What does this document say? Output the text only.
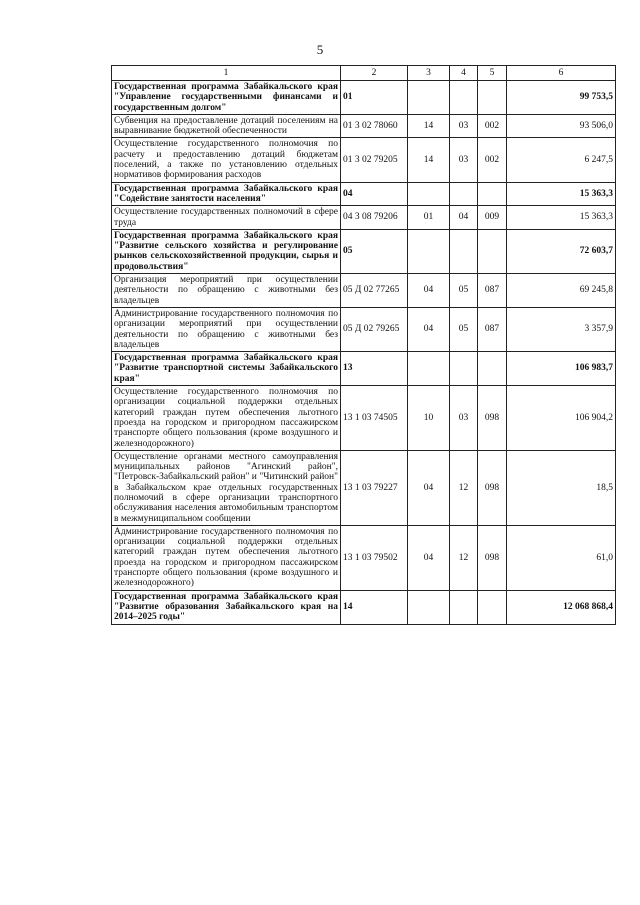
5
1	2	3	4	5	6
Государственная программа Забайкальского края "Управление государственными финансами и государственным долгом"	01				99 753,5
Субвенция на предоставление дотаций поселениям на выравнивание бюджетной обеспеченности	01 3 02 78060	14	03	002	93 506,0
Осуществление государственного полномочия по расчету и предоставлению дотаций бюджетам поселений, а также по установлению отдельных нормативов формирования расходов	01 3 02 79205	14	03	002	6 247,5
Государственная программа Забайкальского края "Содействие занятости населения"	04				15 363,3
Осуществление государственных полномочий в сфере труда	04 3 08 79206	01	04	009	15 363,3
Государственная программа Забайкальского края "Развитие сельского хозяйства и регулирование рынков сельскохозяйственной продукции, сырья и продовольствия"	05				72 603,7
Организация мероприятий при осуществлении деятельности по обращению с животными без владельцев	05 Д 02 77265	04	05	087	69 245,8
Администрирование государственного полномочия по организации мероприятий при осуществлении деятельности по обращению с животными без владельцев	05 Д 02 79265	04	05	087	3 357,9
Государственная программа Забайкальского края "Развитие транспортной системы Забайкальского края"	13				106 983,7
Осуществление государственного полномочия по организации социальной поддержки отдельных категорий граждан путем обеспечения льготного проезда на городском и пригородном пассажирском транспорте общего пользования (кроме воздушного и железнодорожного)	13 1 03 74505	10	03	098	106 904,2
Осуществление органами местного самоуправления муниципальных районов "Агинский район", "Петровск-Забайкальский район" и "Читинский район" в Забайкальском крае отдельных государственных полномочий в сфере организации транспортного обслуживания населения автомобильным транспортом в межмуниципальном сообщении	13 1 03 79227	04	12	098	18,5
Администрирование государственного полномочия по организации социальной поддержки отдельных категорий граждан путем обеспечения льготного проезда на городском и пригородном пассажирском транспорте общего пользования (кроме воздушного и железнодорожного)	13 1 03 79502	04	12	098	61,0
Государственная программа Забайкальского края "Развитие образования Забайкальского края на 2014–2025 годы"	14				12 068 868,4
